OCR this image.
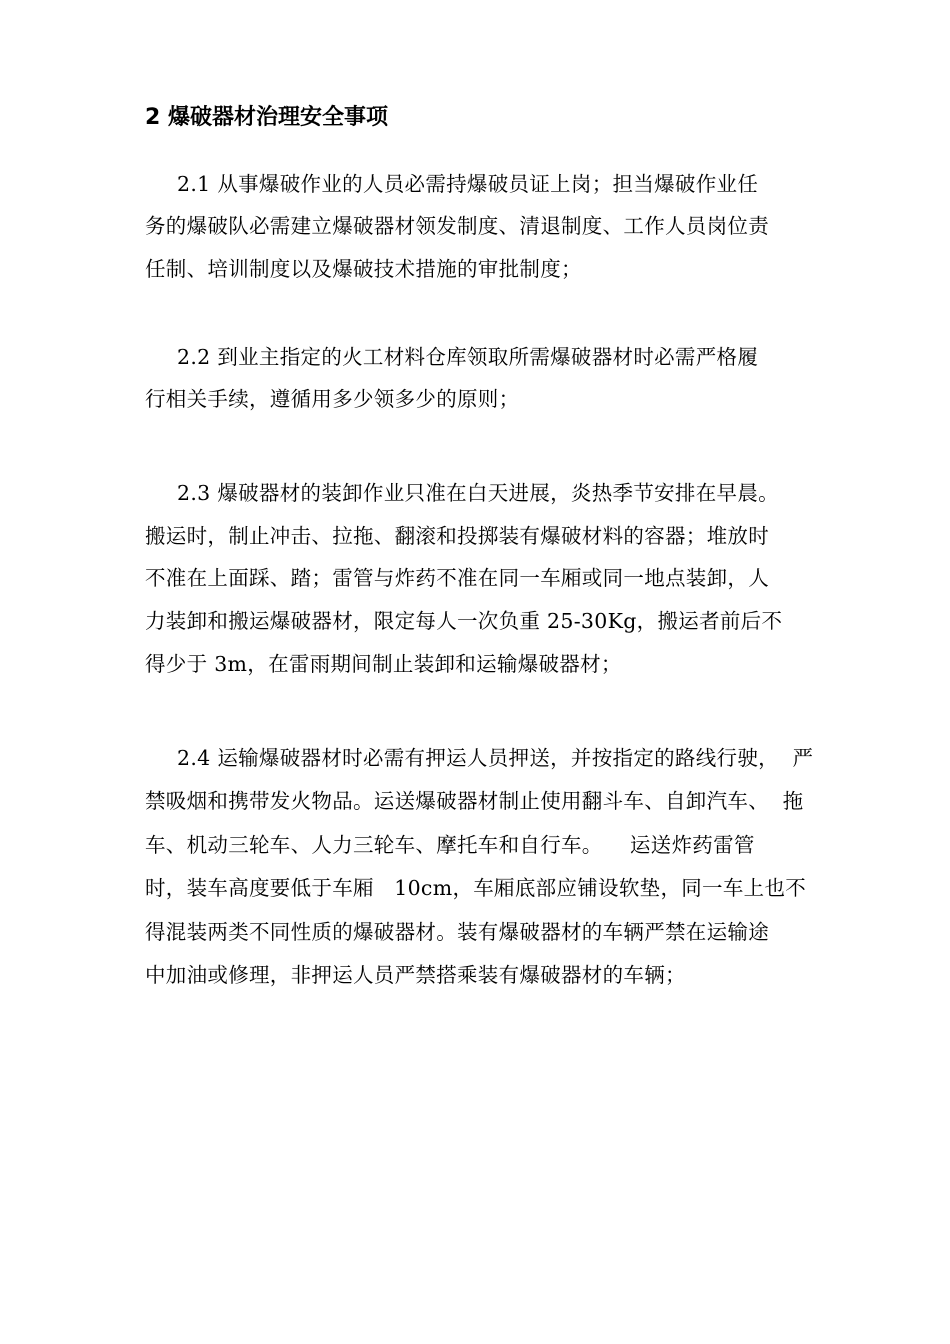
2 爆破器材治理安全事项
2.1 从事爆破作业的人员必需持爆破员证上岗；担当爆破作业任
务的爆破队必需建立爆破器材领发制度、清退制度、工作人员岗位责
任制、培训制度以及爆破技术措施的审批制度；
2.2 到业主指定的火工材料仓库领取所需爆破器材时必需严格履
行相关手续，遵循用多少领多少的原则；
2.3 爆破器材的装卸作业只准在白天进展，炎热季节安排在早晨。
搬运时，制止冲击、拉拖、翻滚和投掷装有爆破材料的容器；堆放时
不准在上面踩、踏；雷管与炸药不准在同一车厢或同一地点装卸，人
力装卸和搬运爆破器材，限定每人一次负重 25-30Kg，搬运者前后不
得少于 3m，在雷雨期间制止装卸和运输爆破器材；
2.4 运输爆破器材时必需有押运人员押送，并按指定的路线行驶，  严
禁吸烟和携带发火物品。运送爆破器材制止使用翻斗车、自卸汽车、  拖
车、机动三轮车、人力三轮车、摩托车和自行车。    运送炸药雷管
时，装车高度要低于车厢   10cm，车厢底部应铺设软垫，同一车上也不
得混装两类不同性质的爆破器材。装有爆破器材的车辆严禁在运输途
中加油或修理，非押运人员严禁搭乘装有爆破器材的车辆；
